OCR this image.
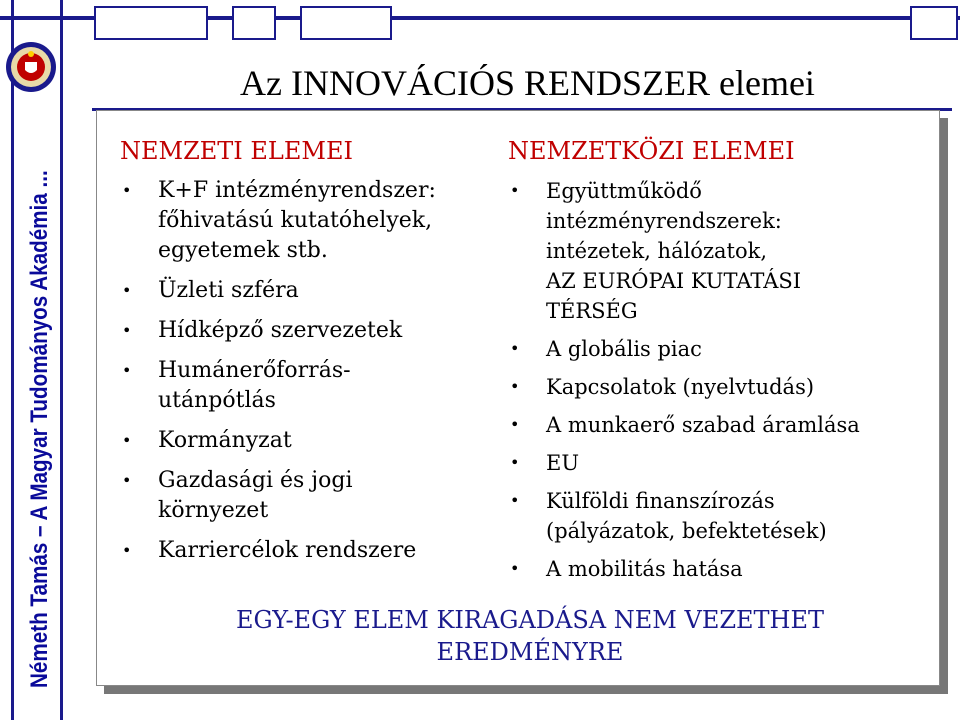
Németh Tamás – A Magyar Tudományos Akadémia ...
Az INNOVÁCIÓS RENDSZER elemei
NEMZETI ELEMEI
• K+F intézményrendszer:
főhivatású kutatóhelyek,
egyetemek stb.
• Üzleti szféra
• Hídképző szervezetek
• Humánerőforrás-
utánpótlás
• Kormányzat
• Gazdasági és jogi
környezet
• Karriercélok rendszere
NEMZETKÖZI ELEMEI
• Együttműködő
intézményrendszerek:
intézetek, hálózatok,
AZ EURÓPAI KUTATÁSI
TÉRSÉG
• A globális piac
• Kapcsolatok (nyelvtudás)
• A munkaerő szabad áramlása
• EU
• Külföldi finanszírozás
(pályázatok, befektetések)
• A mobilitás hatása
EGY-EGY ELEM KIRAGADÁSA NEM VEZETHET
EREDMÉNYRE
